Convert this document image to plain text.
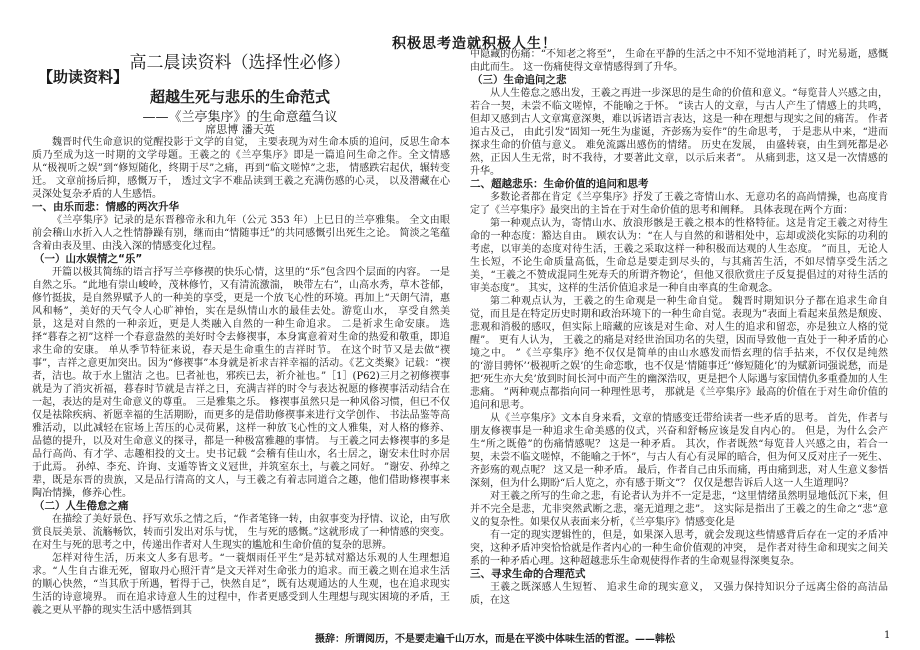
积极思考造就积极人生！
高二晨读资料（选择性必修）
【助读资料】
超越生死与悲乐的生命范式
——《兰亭集序》的生命意蕴刍议
席思博 潘天英

魏晋时代生命意识的觉醒投影于文学的自觉， 主要表现为对生命本质的追问，反思生命本质乃至成为这一时期的文学母题。王羲之的《兰亭集序》即是一篇追问生命之作。全文情感从“极视听之娱”到“修短随化，终期于尽”之痛，再到“临文嗟悼”之悲， 情感跌宕起伏，辗转变迁。 文章前扬后抑，感慨万千， 透过文字不难品读到王羲之充满伤感的心灵， 以及潜藏在心灵深处复杂矛盾的人生感悟。

一、由乐而悲：情感的两次升华

《兰亭集序》记录的是东晋穆帝永和九年（公元 353 年）上巳日的兰亭雅集。 全文由眼前会稽山水折入人之性情静躁有别，继而由“情随事迁”的共同感慨引出死生之论。 简淡之笔蕴含着由表及里、由浅入深的情感变化过程。

（一）山水娱情之“乐”

开篇以极其简练的语言抒写兰亭修禊的快乐心情，这里的“乐”包含四个层面的内容。 一是自然之乐。“此地有崇山峻岭，茂林修竹，又有清流激湍， 映带左右”，山高水秀，草木苍郁，修竹挺拔，是自然界赋予人的一种美的享受，更是一个放飞心性的环境。再加上“天朗气清，惠风和畅”，美好的天气令人心旷神怡，实在是纵情山水的最佳去处。游览山水， 享受自然美景，这是对自然的一种亲近，更是人类融入自然的一种生命追求。 二是祈求生命安康。 选择“暮春之初”这样一个春意盎然的美好时令去修禊事，本身寓意着对生命的热爱和敬重，即追求生命的安康。 单从季节特征来说，春天是生命重生的吉祥时节。 在这个时节又是去做“禊事”，吉祥之意更加突出。因为“修禊事”本身就是祈求吉祥幸福的活动。《艺文类聚》记载：“禊者，洁也。故于水上盥洁 之也。巳者祉也，邪疾已去，祈介祉也。”［1］(P62)三月之初修禊事就是为了消灾祈福，暮春时节就是吉祥之日，充满吉祥的时令与表达祝愿的修禊事活动结合在一起，表达的是对生命意义的尊重。 三是雅集之乐。 修禊事虽然只是一种风俗习惯，但已不仅仅是祛除疾病、祈愿幸福的生活期盼，而更多的是借助修禊事来进行文学创作、 书法品鉴等高雅活动，以此减轻在宦场上苦压的心灵荷累，这样一种放飞心性的文人雅集，对人格的修养、品德的提升，以及对生命意义的探寻，都是一种极富雅趣的事情。 与王羲之同去修禊事的多是品行高尚、有才学、志趣相投的文士。史书记载 “会稽有佳山水，名士居之，谢安未仕时亦居于此焉。 孙绰、李充、许询、支遁等皆文义冠世，并筑室东土，与羲之同好。 ”谢安、孙绰之辈，既是东晋的贵族，又是品行清高的文人，与王羲之有着志同道合之趣，他们借助修禊事来陶冶情操，修养心性。

（二）人生倦怠之痛

在描绘了美好景色、抒写欢乐之情之后，“作者笔锋一转，由叙事变为抒情、议论，由写欣赏良辰美景、流觞畅饮，转而引发出对乐与忧， 生与死的感慨。”这就形成了一种情感的突变。 在对生与死的思考之中，传递出作者对人生现实的尴尬和生命价值的复杂的思辨。

怎样对待生活，历来文人多有思考。“一蓑烟雨任平生”是苏轼对豁达乐观的人生理想追求。“人生自古谁无死，留取丹心照汗青”是文天祥对生命张力的追求。而王羲之则在追求生活的顺心快然，“当其欣于所遇，暂得于己，快然自足”，既有达观通达的人生观，也在追求现实生活的诗意境界。 而在追求诗意人生的过程中，作者更感受到人生理想与现实困境的矛盾，王羲之更从平静的现实生活中感悟到其

中隐藏的伤痛：“不知老之将至”， 生命在平静的生活之中不知不觉地消耗了，时光易逝，感慨由此而生。 这一伤痛使得文章情感得到了升华。

（三）生命追问之悲

从人生倦怠之感出发，王羲之再进一步深思的是生命的价值和意义。“每览昔人兴感之由，若合一契，未尝不临文嗟悼，不能喻之于怀。 ”读古人的文章，与古人产生了情感上的共鸣，但却又感到古人文章寓意深奥，难以诉诸语言表达，这是一种在理想与现实之间的痛苦。 作者追古及己， 由此引发“固知一死生为虚诞，齐彭殇为妄作”的生命思考， 于是悲从中来，“进而探求生命的价值与意义。 难免流露出感伤的情绪。 历史在发展， 由盛转衰，由生到死都是必然，正因人生无常，时不我待，才要著此文章，以示后来者”。 从痛到悲，这又是一次情感的升华。

二、超越悲乐：生命价值的追问和思考

多数论者都在肯定《兰亭集序》抒发了王羲之寄情山水、无意功名的高尚情操，也高度肯定了《兰亭集序》最突出的主旨在于对生命价值的思考和阐释。 具体表现在两个方面：

第一种观点认为，寄情山水、放浪形骸是王羲之根本的性格特征。这是肯定王羲之对待生命的一种态度：豁达自由。 顾农认为：“在人与自然的和谐相处中，忘却或淡化实际的功利的考虑，以审美的态度对待生活，王羲之采取这样一种积极而达观的人生态度。 ”而且，无论人生长短，不论生命质量高低，生命总是要走到尽头的，与其痛苦生活，不如尽情享受生活之美，“王羲之不赞成混同生死寿夭的所谓齐物论’，但他又很欣赏庄子反复提倡过的对待生活的审美态度”。 其实，这样的生活价值追求是一种自由率真的生命观念。

第二种观点认为，王羲之的生命观是一种生命自觉。 魏晋时期知识分子都在追求生命自觉，而且是在特定历史时期和政治环境下的一种生命自觉。表现为”表面上看起来虽然是颓废、悲观和消极的感叹，但实际上暗藏的应该是对生命、对人生的追求和留恋，亦是独立人格的觉醒”。 更有人认为， 王羲之的痛是对经世治国功名的失望，因而导致他一直处于一种矛盾的心境之中。 ”《兰亭集序》绝不仅仅是简单的由山水感发而悟玄理的信手拈来，不仅仅是纯然的‘游目骋怀’‘极视听之娱’的生命恋歌，也不仅是‘情随事迁’‘修短随化’的为赋新词强说愁，而是把‘死生亦大矣’放到时间长河中而产生的幽深浩叹，更是把个人际遇与家国情仇多重叠加的人生悲痛。 ”两种观点都指向同一种理性思考， 那就是《兰亭集序》最高的价值在于对生命价值的追问和思考。

从《兰亭集序》文本自身来看，文章的情感变迁带给读者一些矛盾的思考。 首先，作者与朋友修禊事是一种追求生命美感的仪式，兴奋和舒畅应该是发自内心的。 但是，为什么会产生“所之既倦”的伤痛情感呢？ 这是一种矛盾。 其次，作者既然“每览昔人兴感之由，若合一契，未尝不临文嗟悼，不能喻之于怀”，与古人有心有灵犀的暗合，但为何又反对庄子一死生、齐彭殇的观点呢？ 这又是一种矛盾。 最后，作者自己由乐而痛，再由痛到悲，对人生意义参悟深刻，但为什么期盼“后人览之，亦有感于斯文”？ 仅仅是想告诉后人这一人生道理吗？

对王羲之所写的生命之悲，有论者认为并不一定是悲，“这里情绪虽然明显地低沉下来，但并不完全是悲，尤非突然武断之悲，毫无道理之悲”。 这实际是指出了王羲之的生命之“悲”意义的复杂性。如果仅从表面来分析，《兰亭集序》情感变化是

有一定的现实逻辑性的，但是，如果深入思考，就会发现这些情感背后存在一定的矛盾冲突，这种矛盾冲突恰恰就是作者内心的一种生命价值观的冲突， 是作者对待生命和现实之间关系的一种矛盾心理。这种超越悲乐生命观使得作者的生命观显得深奥复杂。

三、寻求生命的合理范式

王羲之既深感人生短暂、 追求生命的现实意义， 又强力保持知识分子远离尘俗的高洁品质，在这

摄辞：所谓阅历，不是要走遍千山万水，而是在平淡中体味生活的哲涩。——韩松	1
